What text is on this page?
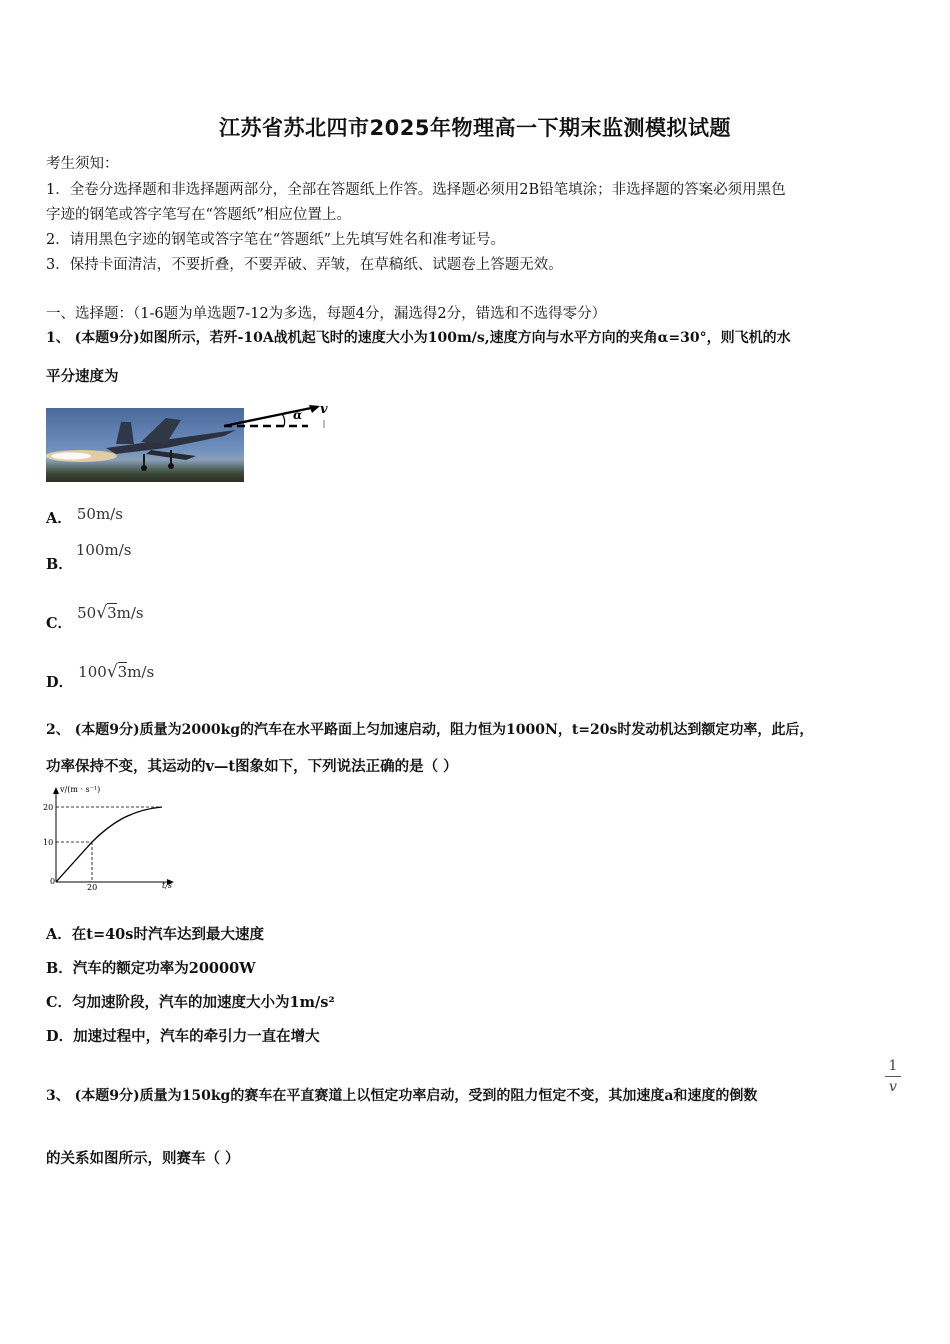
江苏省苏北四市2025年物理高一下期末监测模拟试题
考生须知：
1．全卷分选择题和非选择题两部分，全部在答题纸上作答。选择题必须用2B铅笔填涂；非选择题的答案必须用黑色
字迹的钢笔或答字笔写在“答题纸”相应位置上。
2．请用黑色字迹的钢笔或答字笔在“答题纸”上先填写姓名和准考证号。
3．保持卡面清洁，不要折叠，不要弄破、弄皱，在草稿纸、试题卷上答题无效。
一、选择题：（1-6题为单选题7-12为多选，每题4分，漏选得2分，错选和不选得零分）
1、 (本题9分)如图所示，若歼-10A战机起飞时的速度大小为100m/s,速度方向与水平方向的夹角α=30°，则飞机的水
平分速度为
α v
A． 50m/s
B． 100m/s
C． 50√3m/s
D． 100√3m/s
2、 (本题9分)质量为2000kg的汽车在水平路面上匀加速启动，阻力恒为1000N，t=20s时发动机达到额定功率，此后，
功率保持不变，其运动的v—t图象如下，下列说法正确的是（ ）
v/(m · s⁻¹)
t/s
20
10
0
20
A．在t=40s时汽车达到最大速度
B．汽车的额定功率为20000W
C．匀加速阶段，汽车的加速度大小为1m/s²
D．加速过程中，汽车的牵引力一直在增大
3、 (本题9分)质量为150kg的赛车在平直赛道上以恒定功率启动，受到的阻力恒定不变，其加速度a和速度的倒数
1
v
的关系如图所示，则赛车（ ）
